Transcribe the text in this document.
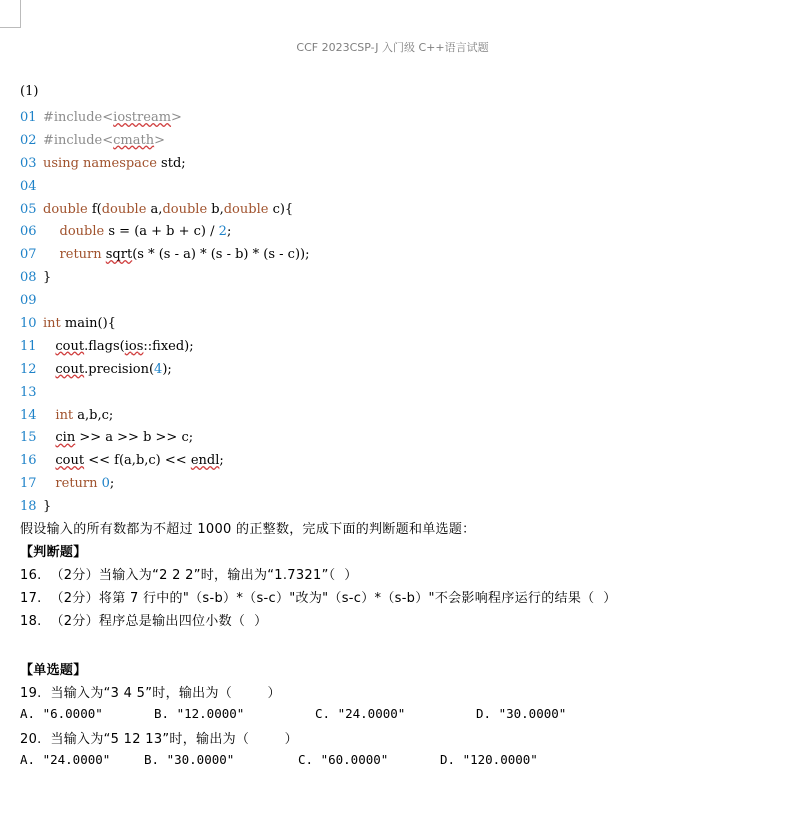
CCF 2023CSP-J 入门级 C++语言试题
(1)
01 #include<iostream>
02 #include<cmath>
03 using namespace std;
04
05 double f(double a,double b,double c){
06 double s = (a + b + c) / 2;
07 return sqrt(s * (s - a) * (s - b) * (s - c));
08 }
09
10 int main(){
11 cout.flags(ios::fixed);
12 cout.precision(4);
13
14 int a,b,c;
15 cin >> a >> b >> c;
16 cout << f(a,b,c) << endl;
17 return 0;
18 }
假设输入的所有数都为不超过 1000 的正整数，完成下面的判断题和单选题：
【判断题】
16.  （2分）当输入为“2 2 2”时，输出为“1.7321”（  ）
17.  （2分）将第 7 行中的"（s-b）*（s-c）"改为"（s-c）*（s-b）"不会影响程序运行的结果（  ）
18.  （2分）程序总是输出四位小数（  ）
【单选题】
19.  当输入为“3 4 5”时，输出为（        ）

A. "6.0000"

	B. "12.0000"

	C. "24.0000"

	D. "30.0000"

20.  当输入为“5 12 13”时，输出为（        ）

A. "24.0000"

	B. "30.0000"

	C. "60.0000"

	D. "120.0000"
